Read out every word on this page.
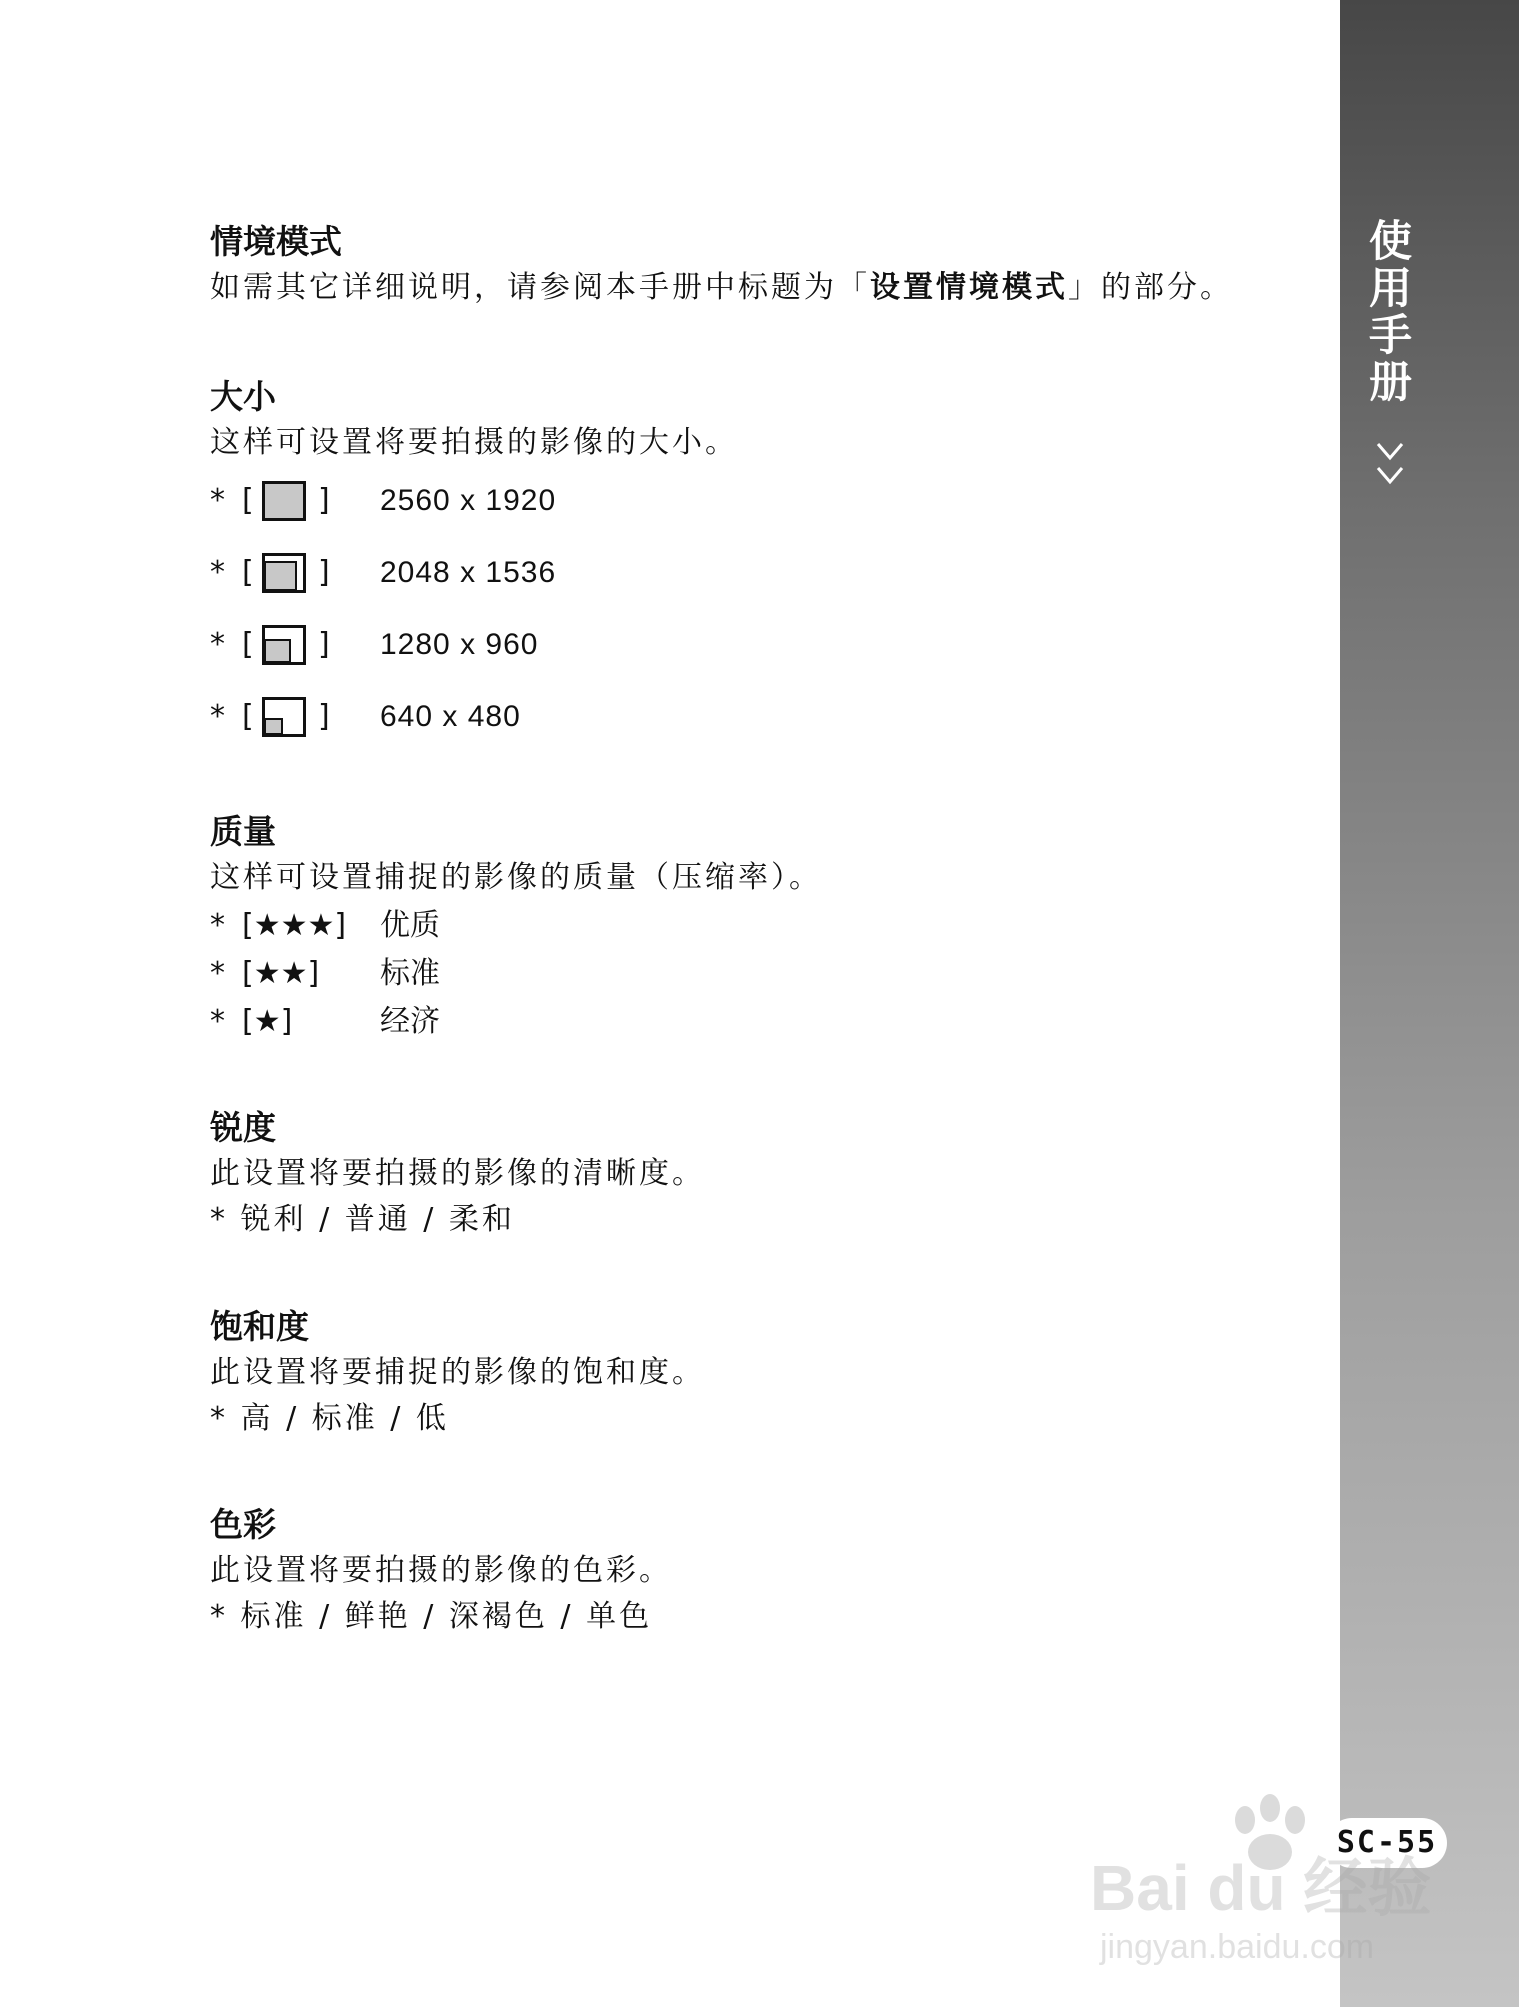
使用手册
SC-55
情境模式

如需其它详细说明，请参阅本手册中标题为「设置情境模式」的部分。

大小

这样可设置将要拍摄的影像的大小。

* [ ] 2560 x 1920
* [ ] 2048 x 1536
* [ ] 1280 x 960
* [ ] 640 x 480
质量

这样可设置捕捉的影像的质量（压缩率）。

* [★★★] 优质
* [★★] 标准
* [★]	经济
锐度

此设置将要拍摄的影像的清晰度。

* 锐利 / 普通 / 柔和

饱和度

此设置将要捕捉的影像的饱和度。

* 高 / 标准 / 低

色彩

此设置将要拍摄的影像的色彩。

* 标准 / 鲜艳 / 深褐色 / 单色

Bai du 经验
jingyan.baidu.com
